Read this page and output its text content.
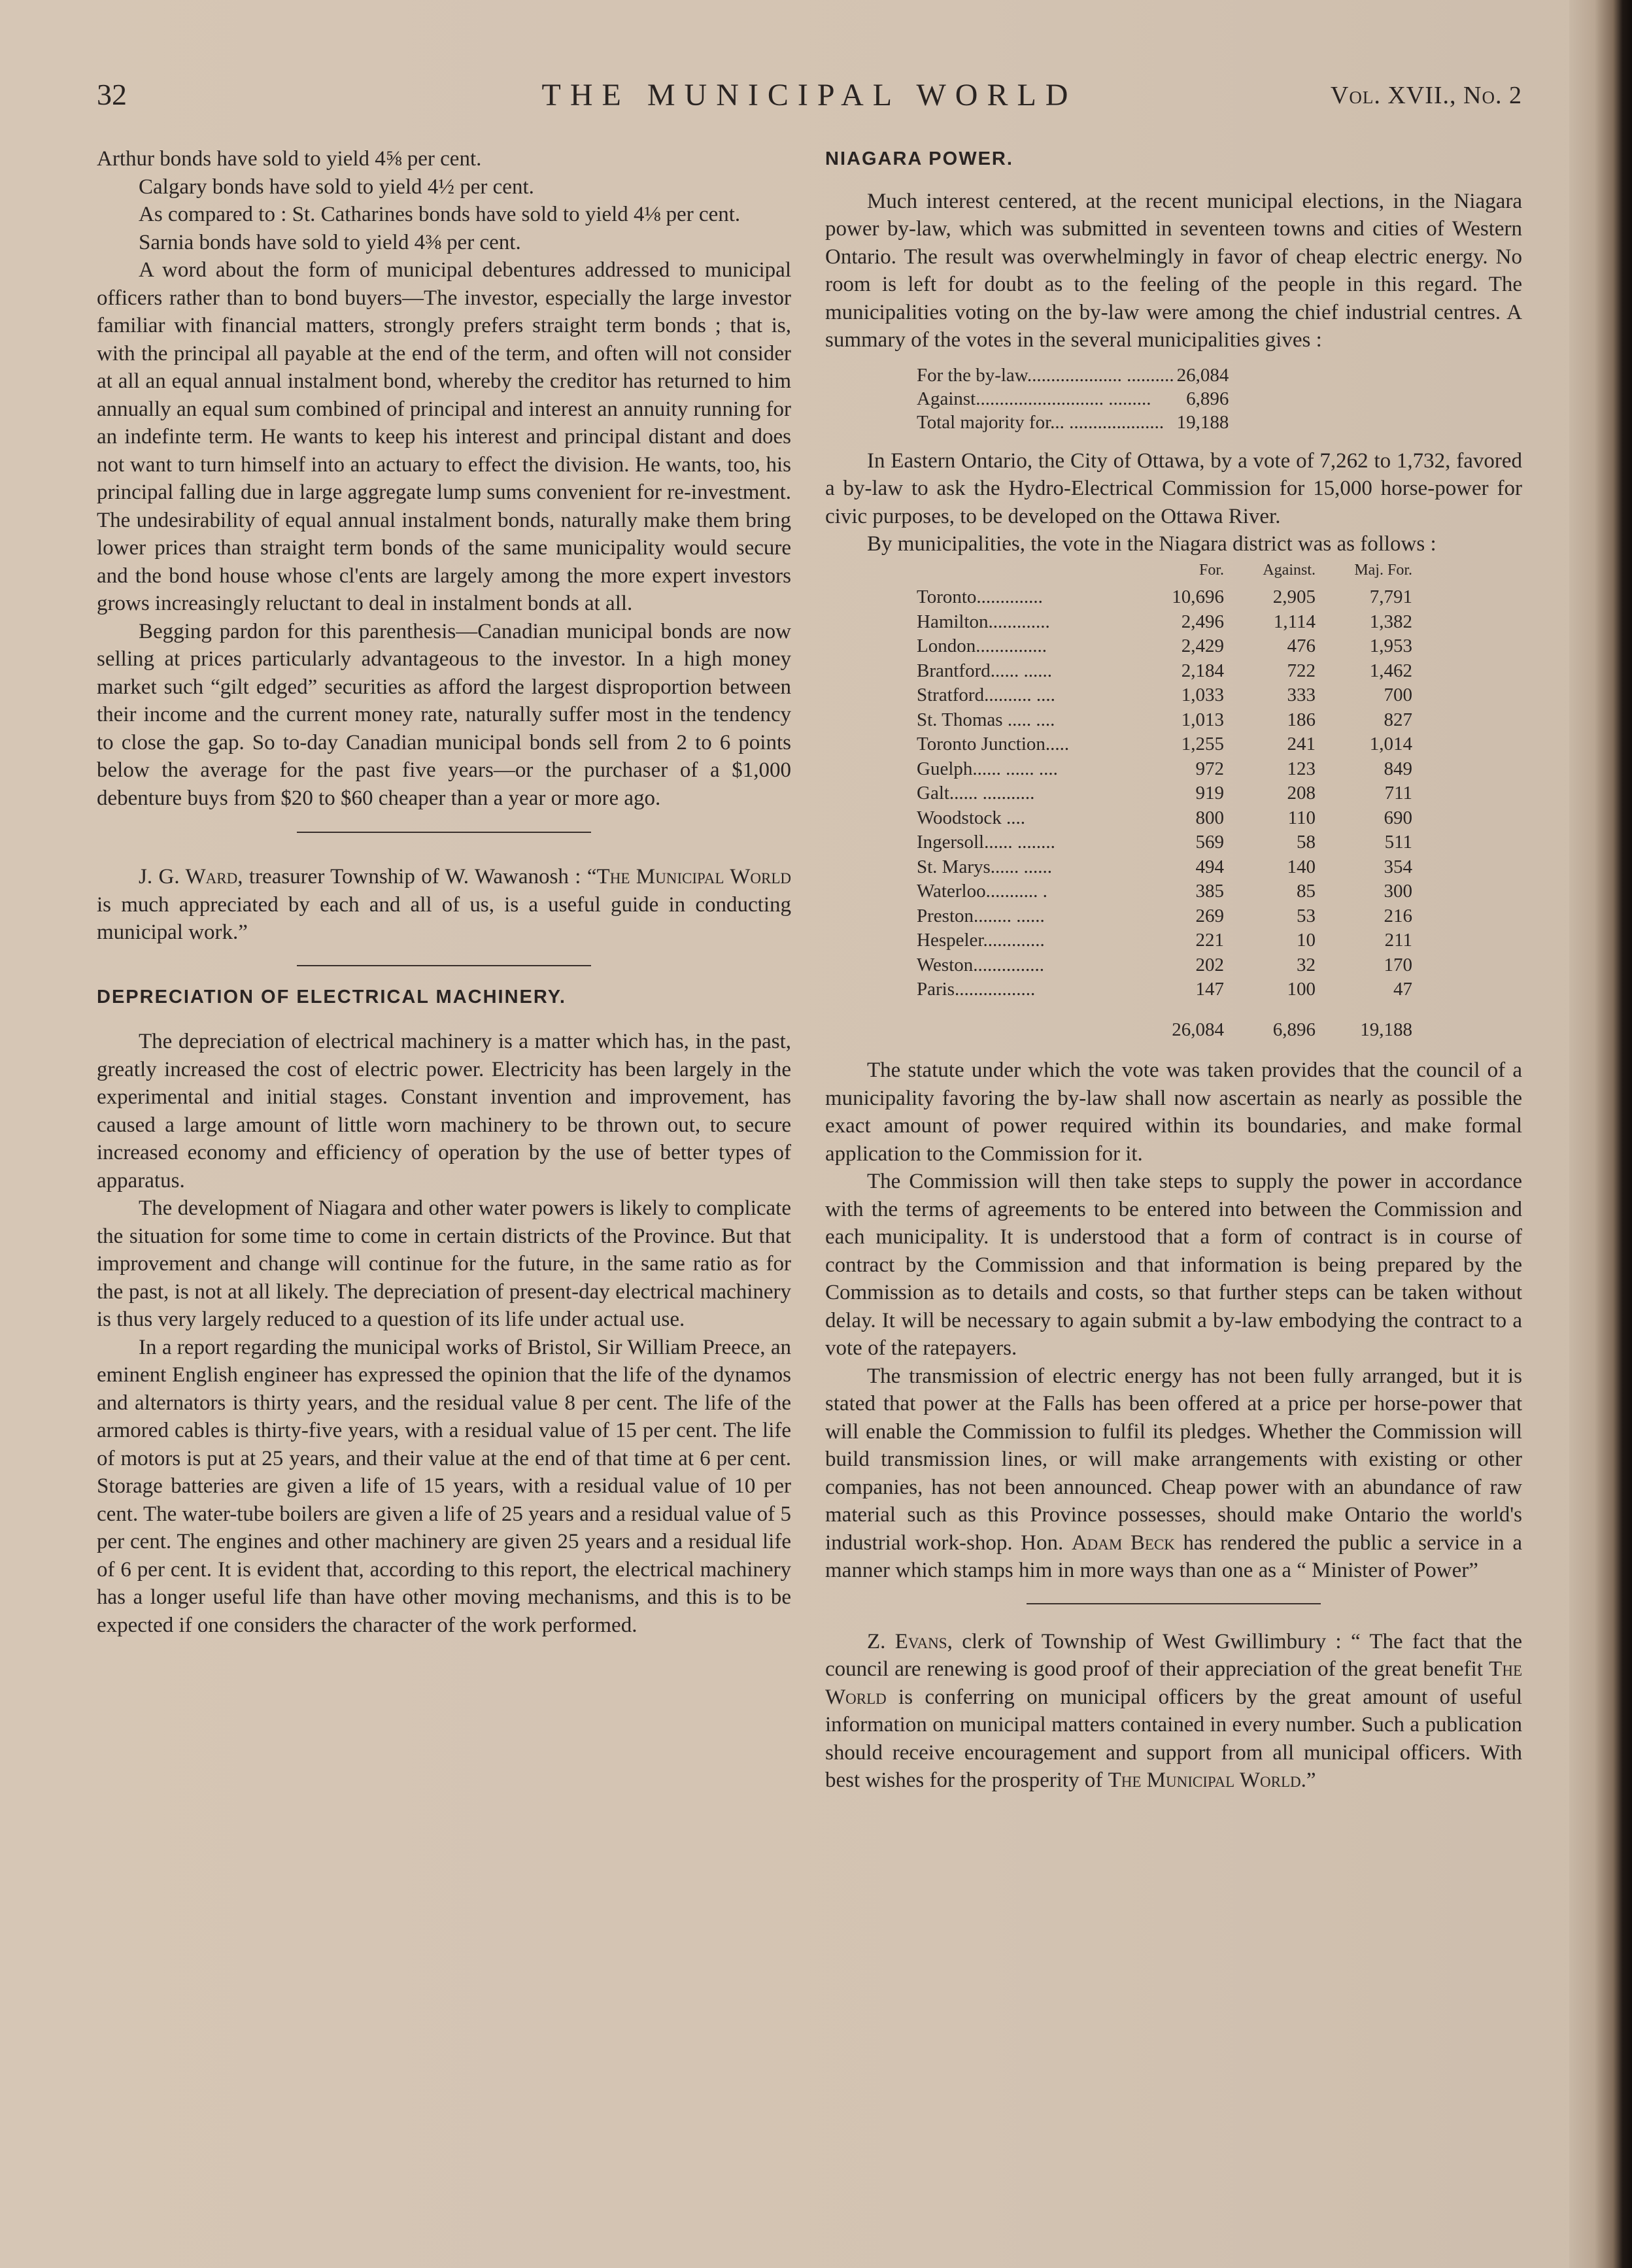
32	THE MUNICIPAL WORLD	Vol. XVII., No. 2

Arthur bonds have sold to yield 4⅝ per cent.

Calgary bonds have sold to yield 4½ per cent.

As compared to : St. Catharines bonds have sold to yield 4⅛ per cent.

Sarnia bonds have sold to yield 4⅜ per cent.

A word about the form of municipal debentures addressed to municipal officers rather than to bond buyers—The investor, especially the large investor familiar with financial matters, strongly prefers straight term bonds ; that is, with the principal all payable at the end of the term, and often will not consider at all an equal annual instalment bond, whereby the creditor has returned to him annually an equal sum combined of principal and interest an annuity running for an indefinte term. He wants to keep his interest and principal distant and does not want to turn himself into an actuary to effect the division. He wants, too, his principal falling due in large aggregate lump sums convenient for re-investment. The undesirability of equal annual instalment bonds, naturally make them bring lower prices than straight term bonds of the same municipality would secure and the bond house whose cl'ents are largely among the more expert investors grows increasingly reluctant to deal in instalment bonds at all.

Begging pardon for this parenthesis—Canadian municipal bonds are now selling at prices particularly advantageous to the investor. In a high money market such “gilt edged” securities as afford the largest disproportion between their income and the current money rate, naturally suffer most in the tendency to close the gap. So to-day Canadian municipal bonds sell from 2 to 6 points below the average for the past five years—or the purchaser of a $1,000 debenture buys from $20 to $60 cheaper than a year or more ago.

J. G. Ward, treasurer Township of W. Wawanosh : “The Municipal World is much appreciated by each and all of us, is a useful guide in conducting municipal work.”

DEPRECIATION OF ELECTRICAL MACHINERY.

The depreciation of electrical machinery is a matter which has, in the past, greatly increased the cost of electric power. Electricity has been largely in the experimental and initial stages. Constant invention and improvement, has caused a large amount of little worn machinery to be thrown out, to secure increased economy and efficiency of operation by the use of better types of apparatus.

The development of Niagara and other water powers is likely to complicate the situation for some time to come in certain districts of the Province. But that improvement and change will continue for the future, in the same ratio as for the past, is not at all likely. The depreciation of present-day electrical machinery is thus very largely reduced to a question of its life under actual use.

In a report regarding the municipal works of Bristol, Sir William Preece, an eminent English engineer has expressed the opinion that the life of the dynamos and alternators is thirty years, and the residual value 8 per cent. The life of the armored cables is thirty-five years, with a residual value of 15 per cent. The life of motors is put at 25 years, and their value at the end of that time at 6 per cent. Storage batteries are given a life of 15 years, with a residual value of 10 per cent. The water-tube boilers are given a life of 25 years and a residual value of 5 per cent. The engines and other machinery are given 25 years and a residual life of 6 per cent. It is evident that, according to this report, the electrical machinery has a longer useful life than have other moving mechanisms, and this is to be expected if one considers the character of the work performed.

NIAGARA POWER.

Much interest centered, at the recent municipal elections, in the Niagara power by-law, which was submitted in seventeen towns and cities of Western Ontario. The result was overwhelmingly in favor of cheap electric energy. No room is left for doubt as to the feeling of the people in this regard. The municipalities voting on the by-law were among the chief industrial centres. A summary of the votes in the several municipalities gives :

For the by-law.................... ..........	26,084
Against........................... .........	6,896
Total majority for... ....................	19,188

In Eastern Ontario, the City of Ottawa, by a vote of 7,262 to 1,732, favored a by-law to ask the Hydro-Electrical Commission for 15,000 horse-power for civic purposes, to be developed on the Ottawa River.

By municipalities, the vote in the Niagara district was as follows :

	For.	Against.	Maj. For.
Toronto..............	10,696	2,905	7,791
Hamilton.............	2,496	1,114	1,382
London...............	2,429	476	1,953
Brantford...... ......	2,184	722	1,462
Stratford.......... ....	1,033	333	700
St. Thomas ..... ....	1,013	186	827
Toronto Junction.....	1,255	241	1,014
Guelph...... ...... ....	972	123	849
Galt...... ...........	919	208	711
Woodstock ....	800	110	690
Ingersoll...... ........	569	58	511
St. Marys...... ......	494	140	354
Waterloo........... .	385	85	300
Preston........ ......	269	53	216
Hespeler.............	221	10	211
Weston...............	202	32	170
Paris.................	147	100	47
	26,084	6,896	19,188

The statute under which the vote was taken provides that the council of a municipality favoring the by-law shall now ascertain as nearly as possible the exact amount of power required within its boundaries, and make formal application to the Commission for it.

The Commission will then take steps to supply the power in accordance with the terms of agreements to be entered into between the Commission and each municipality. It is understood that a form of contract is in course of contract by the Commission and that information is being prepared by the Commission as to details and costs, so that further steps can be taken without delay. It will be necessary to again submit a by-law embodying the contract to a vote of the ratepayers.

The transmission of electric energy has not been fully arranged, but it is stated that power at the Falls has been offered at a price per horse-power that will enable the Commission to fulfil its pledges. Whether the Commission will build transmission lines, or will make arrangements with existing or other companies, has not been announced. Cheap power with an abundance of raw material such as this Province possesses, should make Ontario the world's industrial work-shop. Hon. Adam Beck has rendered the public a service in a manner which stamps him in more ways than one as a “ Minister of Power”

Z. Evans, clerk of Township of West Gwillimbury : “ The fact that the council are renewing is good proof of their appreciation of the great benefit The World is conferring on municipal officers by the great amount of useful information on municipal matters contained in every number. Such a publication should receive encouragement and support from all municipal officers. With best wishes for the prosperity of The Municipal World.”
